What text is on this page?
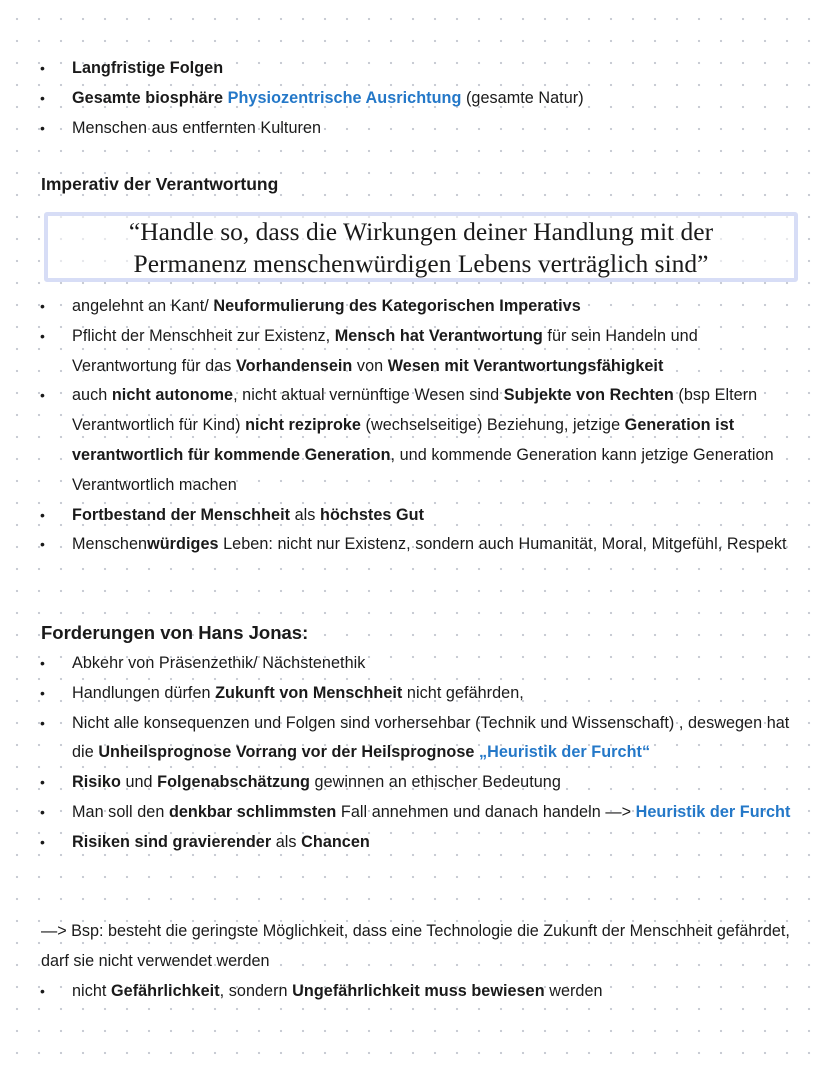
• Langfristige Folgen
• Gesamte biosphäre Physiozentrische Ausrichtung (gesamte Natur)
• Menschen aus entfernten Kulturen
Imperativ der Verantwortung
“Handle so, dass die Wirkungen deiner Handlung mit der
Permanenz menschenwürdigen Lebens verträglich sind”
• angelehnt an Kant/ Neuformulierung des Kategorischen Imperativs
• Pflicht der Menschheit zur Existenz, Mensch hat Verantwortung für sein Handeln und Verantwortung für das Vorhandensein von Wesen mit Verantwortungsfähigkeit
• auch nicht autonome, nicht aktual vernünftige Wesen sind Subjekte von Rechten (bsp Eltern Verantwortlich für Kind) nicht reziproke (wechselseitige) Beziehung, jetzige Generation ist verantwortlich für kommende Generation, und kommende Generation kann jetzige Generation Verantwortlich machen
• Fortbestand der Menschheit als höchstes Gut
• Menschenwürdiges Leben: nicht nur Existenz, sondern auch Humanität, Moral, Mitgefühl, Respekt
Forderungen von Hans Jonas:
• Abkehr von Präsenzethik/ Nächstenethik
• Handlungen dürfen Zukunft von Menschheit nicht gefährden,
• Nicht alle konsequenzen und Folgen sind vorhersehbar (Technik und Wissenschaft) , deswegen hat die Unheilsprognose Vorrang vor der Heilsprognose „Heuristik der Furcht“
• Risiko und Folgenabschätzung gewinnen an ethischer Bedeutung
• Man soll den denkbar schlimmsten Fall annehmen und danach handeln —> Heuristik der Furcht
• Risiken sind gravierender als Chancen
—> Bsp: besteht die geringste Möglichkeit, dass eine Technologie die Zukunft der Menschheit gefährdet, darf sie nicht verwendet werden
• nicht Gefährlichkeit, sondern Ungefährlichkeit muss bewiesen werden
